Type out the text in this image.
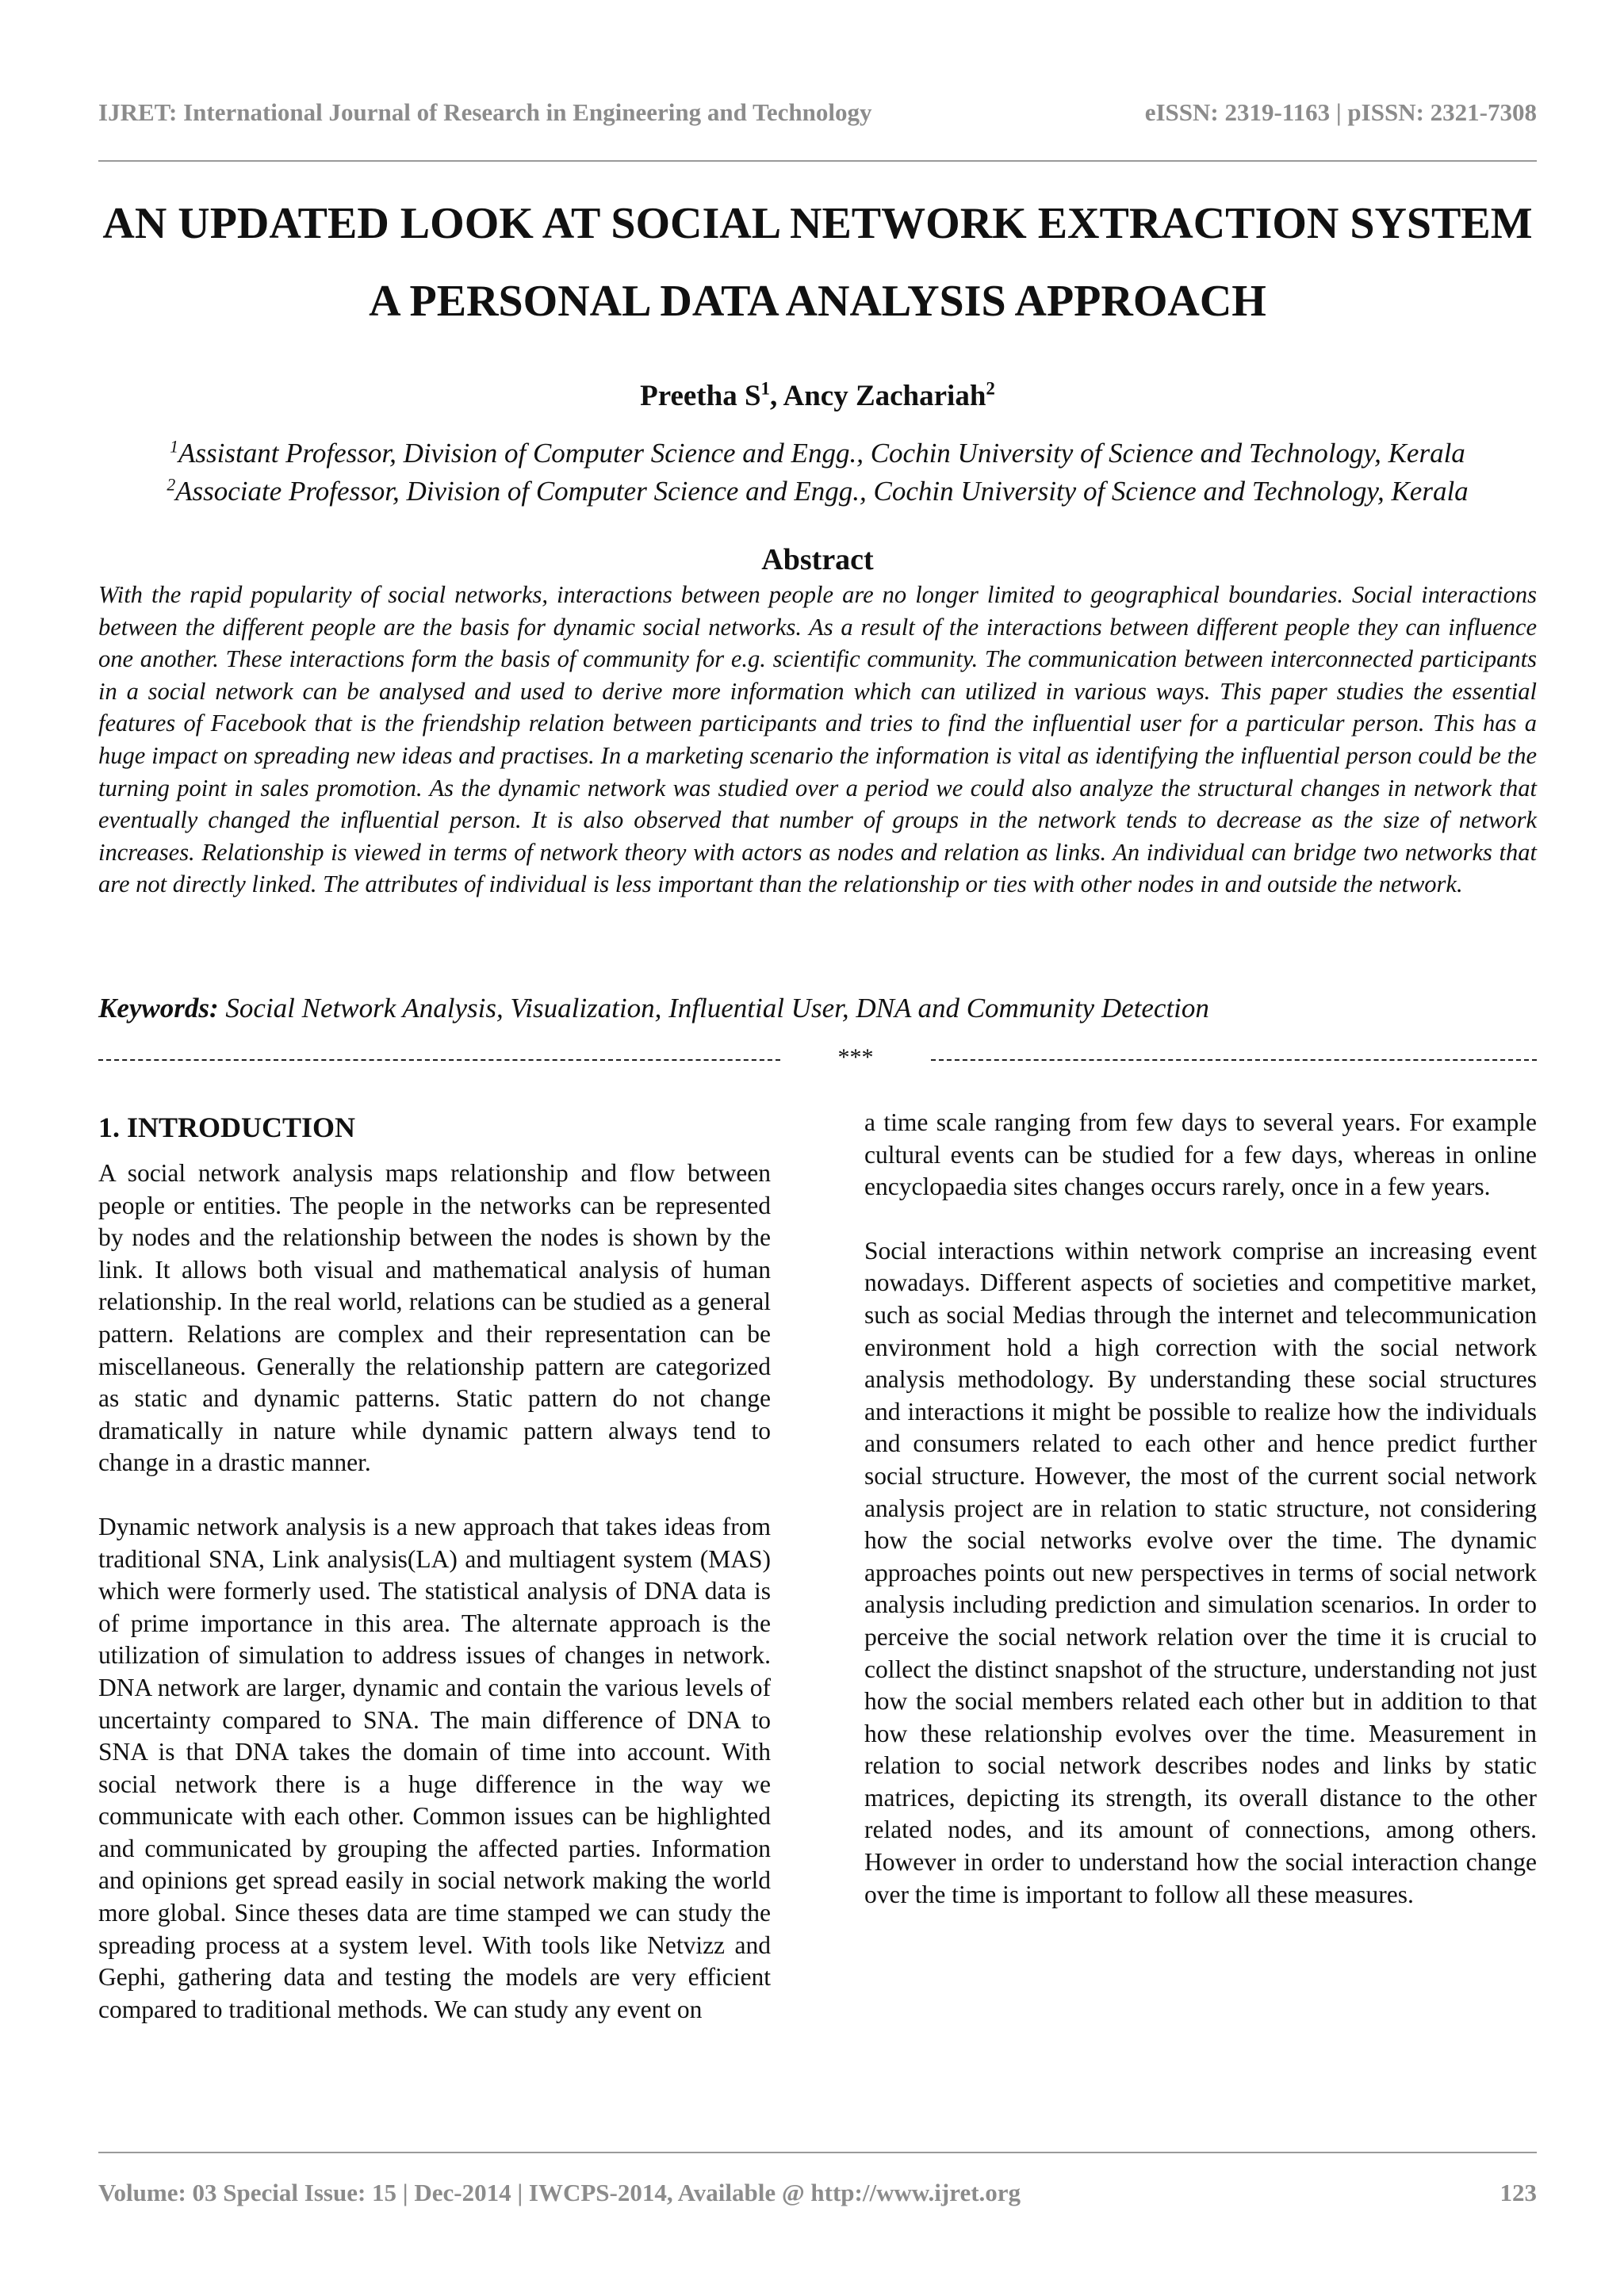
IJRET: International Journal of Research in Engineering and Technology	eISSN: 2319-1163 | pISSN: 2321-7308
AN UPDATED LOOK AT SOCIAL NETWORK EXTRACTION SYSTEM
A PERSONAL DATA ANALYSIS APPROACH
Preetha $S^1$, Ancy Zachariah$^2$
$^1$Assistant Professor, Division of Computer Science and Engg., Cochin University of Science and Technology, Kerala
$^2$Associate Professor, Division of Computer Science and Engg., Cochin University of Science and Technology, Kerala
Abstract

With the rapid popularity of social networks, interactions between people are no longer limited to geographical boundaries. Social interactions between the different people are the basis for dynamic social networks. As a result of the interactions between different people they can influence one another. These interactions form the basis of community for e.g. scientific community. The communication between interconnected participants in a social network can be analysed and used to derive more information which can utilized in various ways. This paper studies the essential features of Facebook that is the friendship relation between participants and tries to find the influential user for a particular person. This has a huge impact on spreading new ideas and practises. In a marketing scenario the information is vital as identifying the influential person could be the turning point in sales promotion. As the dynamic network was studied over a period we could also analyze the structural changes in network that eventually changed the influential person. It is also observed that number of groups in the network tends to decrease as the size of network increases. Relationship is viewed in terms of network theory with actors as nodes and relation as links. An individual can bridge two networks that are not directly linked. The attributes of individual is less important than the relationship or ties with other nodes in and outside the network.

Keywords: Social Network Analysis, Visualization, Influential User, DNA and Community Detection
***
1. INTRODUCTION

A social network analysis maps relationship and flow between people or entities. The people in the networks can be represented by nodes and the relationship between the nodes is shown by the link. It allows both visual and mathematical analysis of human relationship. In the real world, relations can be studied as a general pattern. Relations are complex and their representation can be miscellaneous. Generally the relationship pattern are categorized as static and dynamic patterns. Static pattern do not change dramatically in nature while dynamic pattern always tend to change in a drastic manner.

Dynamic network analysis is a new approach that takes ideas from traditional SNA, Link analysis(LA) and multiagent system (MAS) which were formerly used. The statistical analysis of DNA data is of prime importance in this area. The alternate approach is the utilization of simulation to address issues of changes in network. DNA network are larger, dynamic and contain the various levels of uncertainty compared to SNA. The main difference of DNA to SNA is that DNA takes the domain of time into account. With social network there is a huge difference in the way we communicate with each other. Common issues can be highlighted and communicated by grouping the affected parties. Information and opinions get spread easily in social network making the world more global. Since theses data are time stamped we can study the spreading process at a system level. With tools like Netvizz and Gephi, gathering data and testing the models are very efficient compared to traditional methods. We can study any event on

a time scale ranging from few days to several years. For example cultural events can be studied for a few days, whereas in online encyclopaedia sites changes occurs rarely, once in a few years.

Social interactions within network comprise an increasing event nowadays. Different aspects of societies and competitive market, such as social Medias through the internet and telecommunication environment hold a high correction with the social network analysis methodology. By understanding these social structures and interactions it might be possible to realize how the individuals and consumers related to each other and hence predict further social structure. However, the most of the current social network analysis project are in relation to static structure, not considering how the social networks evolve over the time. The dynamic approaches points out new perspectives in terms of social network analysis including prediction and simulation scenarios. In order to perceive the social network relation over the time it is crucial to collect the distinct snapshot of the structure, understanding not just how the social members related each other but in addition to that how these relationship evolves over the time. Measurement in relation to social network describes nodes and links by static matrices, depicting its strength, its overall distance to the other related nodes, and its amount of connections, among others. However in order to understand how the social interaction change over the time is important to follow all these measures.

Volume: 03 Special Issue: 15 | Dec-2014 | IWCPS-2014, Available @ http://www.ijret.org	123
